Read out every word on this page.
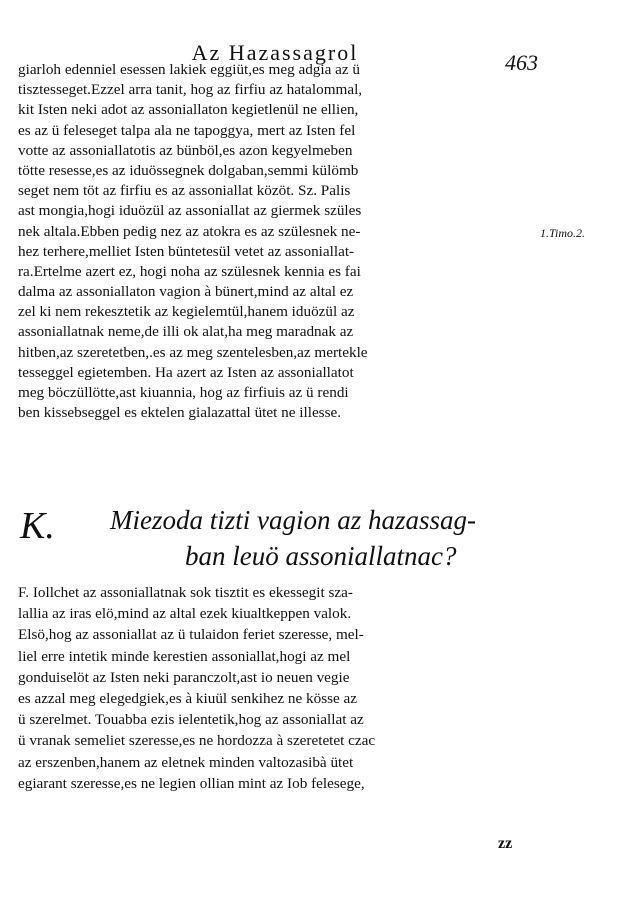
Az Hazassagrol	463
1.Timo.2.
giarloh edenniel esessen lakiek eggiüt,es meg adgia az ü
tisztesseget.Ezzel arra tanit, hog az firfiu az hatalommal,
kit Isten neki adot az assoniallaton kegietlenül ne ellien,
es az ü feleseget talpa ala ne tapoggya, mert az Isten fel
votte az assoniallatotis az bünböl,es azon kegyelmeben
tötte resesse,es az iduössegnek dolgaban,semmi külömb
seget nem töt az firfiu es az assoniallat közöt. Sz. Palis
ast mongia,hogi iduözül az assoniallat az giermek szüles
nek altala.Ebben pedig nez az atokra es az szülesnek ne-
hez terhere,melliet Isten büntetesül vetet az assoniallat-
ra.Ertelme azert ez, hogi noha az szülesnek kennia es fai
dalma az assoniallaton vagion à bünert,mind az altal ez
zel ki nem rekesztetik az kegielemtül,hanem iduözül az
assoniallatnak neme,de illi ok alat,ha meg maradnak az
hitben,az szeretetben,.es az meg szentelesben,az mertekle
tesseggel egietemben. Ha azert az Isten az assoniallatot
meg böczüllötte,ast kiuannia, hog az firfiuis az ü rendi
ben kissebseggel es ektelen gialazattal ütet ne illesse.
K. Miezoda tizti vagion az hazassag-
ban leuö assoniallatnac?
F. Iollchet az assoniallatnak sok tisztit es ekessegit sza-
lallia az iras elö,mind az altal ezek kiualtkeppen valok.
Elsö,hog az assoniallat az ü tulaidon feriet szeresse, mel-
liel erre intetik minde kerestien assoniallat,hogi az mel
gonduiselöt az Isten neki paranczolt,ast io neuen vegie
es azzal meg elegedgiek,es à kiuül senkihez ne kösse az
ü szerelmet. Touabba ezis ielentetik,hog az assoniallat az
ü vranak semeliet szeresse,es ne hordozza à szeretetet czac
az erszenben,hanem az eletnek minden valtozasibà ütet
egiarant szeresse,es ne legien ollian mint az Iob felesege,
zz
